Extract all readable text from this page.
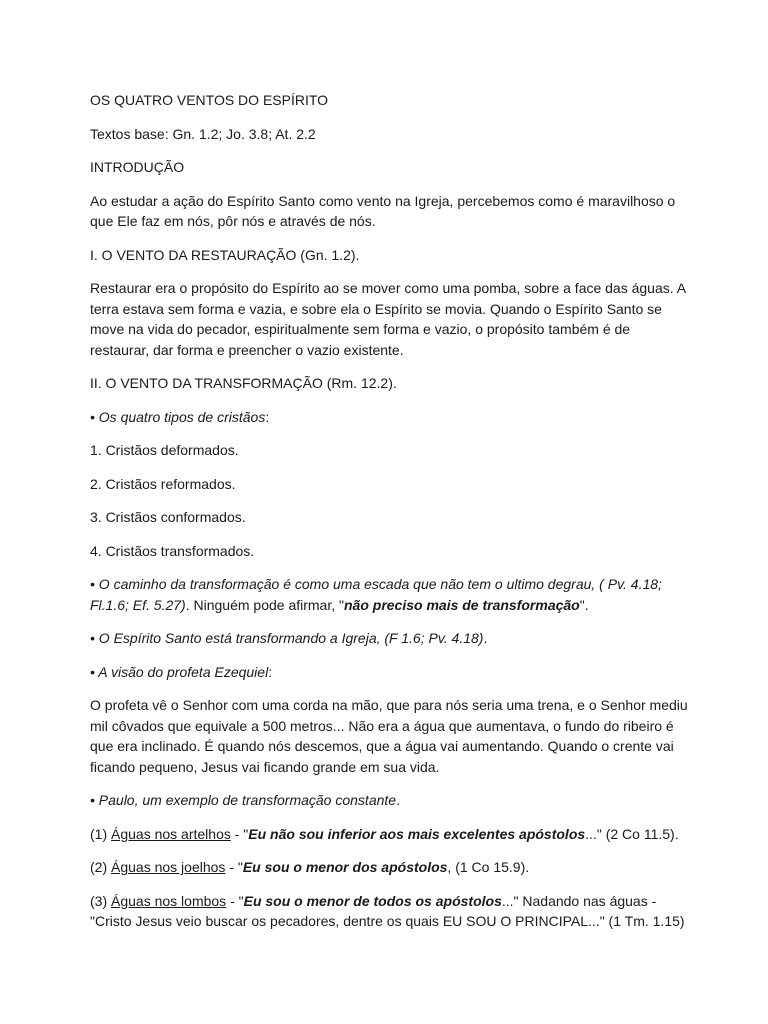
OS QUATRO VENTOS DO ESPÍRITO

Textos base: Gn. 1.2; Jo. 3.8; At. 2.2

INTRODUÇÃO

Ao estudar a ação do Espírito Santo como vento na Igreja, percebemos como é maravilhoso o que Ele faz em nós, pôr nós e através de nós.

I. O VENTO DA RESTAURAÇÃO (Gn. 1.2).

Restaurar era o propósito do Espírito ao se mover como uma pomba, sobre a face das águas. A terra estava sem forma e vazia, e sobre ela o Espírito se movia. Quando o Espírito Santo se move na vida do pecador, espiritualmente sem forma e vazio, o propósito também é de restaurar, dar forma e preencher o vazio existente.

II. O VENTO DA TRANSFORMAÇÃO (Rm. 12.2).

• Os quatro tipos de cristãos:

1. Cristãos deformados.

2. Cristãos reformados.

3. Cristãos conformados.

4. Cristãos transformados.

• O caminho da transformação é como uma escada que não tem o ultimo degrau, ( Pv. 4.18; Fl.1.6; Ef. 5.27). Ninguém pode afirmar, "não preciso mais de transformação".

• O Espírito Santo está transformando a Igreja, (F 1.6; Pv. 4.18).

• A visão do profeta Ezequiel:

O profeta vê o Senhor com uma corda na mão, que para nós seria uma trena, e o Senhor mediu mil côvados que equivale a 500 metros... Não era a água que aumentava, o fundo do ribeiro é que era inclinado. É quando nós descemos, que a água vai aumentando. Quando o crente vai ficando pequeno, Jesus vai ficando grande em sua vida.

• Paulo, um exemplo de transformação constante.

(1) Águas nos artelhos - "Eu não sou inferior aos mais excelentes apóstolos..." (2 Co 11.5).

(2) Águas nos joelhos - "Eu sou o menor dos apóstolos, (1 Co 15.9).

(3) Águas nos lombos - "Eu sou o menor de todos os apóstolos..." Nadando nas águas - "Cristo Jesus veio buscar os pecadores, dentre os quais EU SOU O PRINCIPAL..." (1 Tm. 1.15)
